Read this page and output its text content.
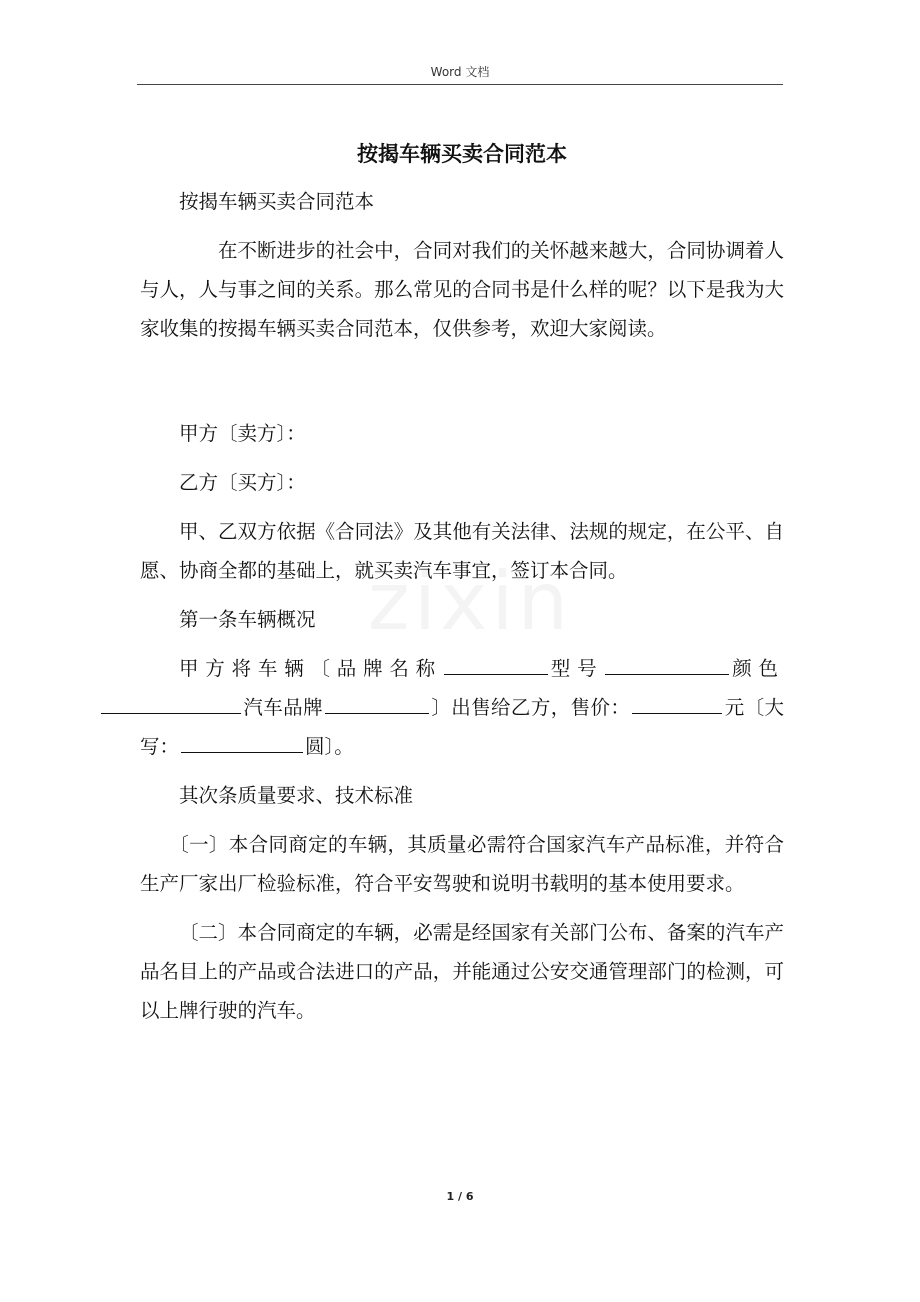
Word 文档
按揭车辆买卖合同范本

按揭车辆买卖合同范本

在不断进步的社会中，合同对我们的关怀越来越大，合同协调着人与人，人与事之间的关系。那么常见的合同书是什么样的呢？以下是我为大家收集的按揭车辆买卖合同范本，仅供参考，欢迎大家阅读。

甲方〔卖方〕：

乙方〔买方〕：

甲、乙双方依据《合同法》及其他有关法律、法规的规定，在公平、自愿、协商全都的基础上，就买卖汽车事宜，签订本合同。

第一条车辆概况

甲方将车辆〔品牌名称	型号	颜色汽车品牌	〕出售给乙方，售价：	元〔大写：	圆〕。

其次条质量要求、技术标准

〔一〕本合同商定的车辆，其质量必需符合国家汽车产品标准，并符合生产厂家出厂检验标准，符合平安驾驶和说明书载明的基本使用要求。

〔二〕本合同商定的车辆，必需是经国家有关部门公布、备案的汽车产品名目上的产品或合法进口的产品，并能通过公安交通管理部门的检测，可以上牌行驶的汽车。

1 / 6
